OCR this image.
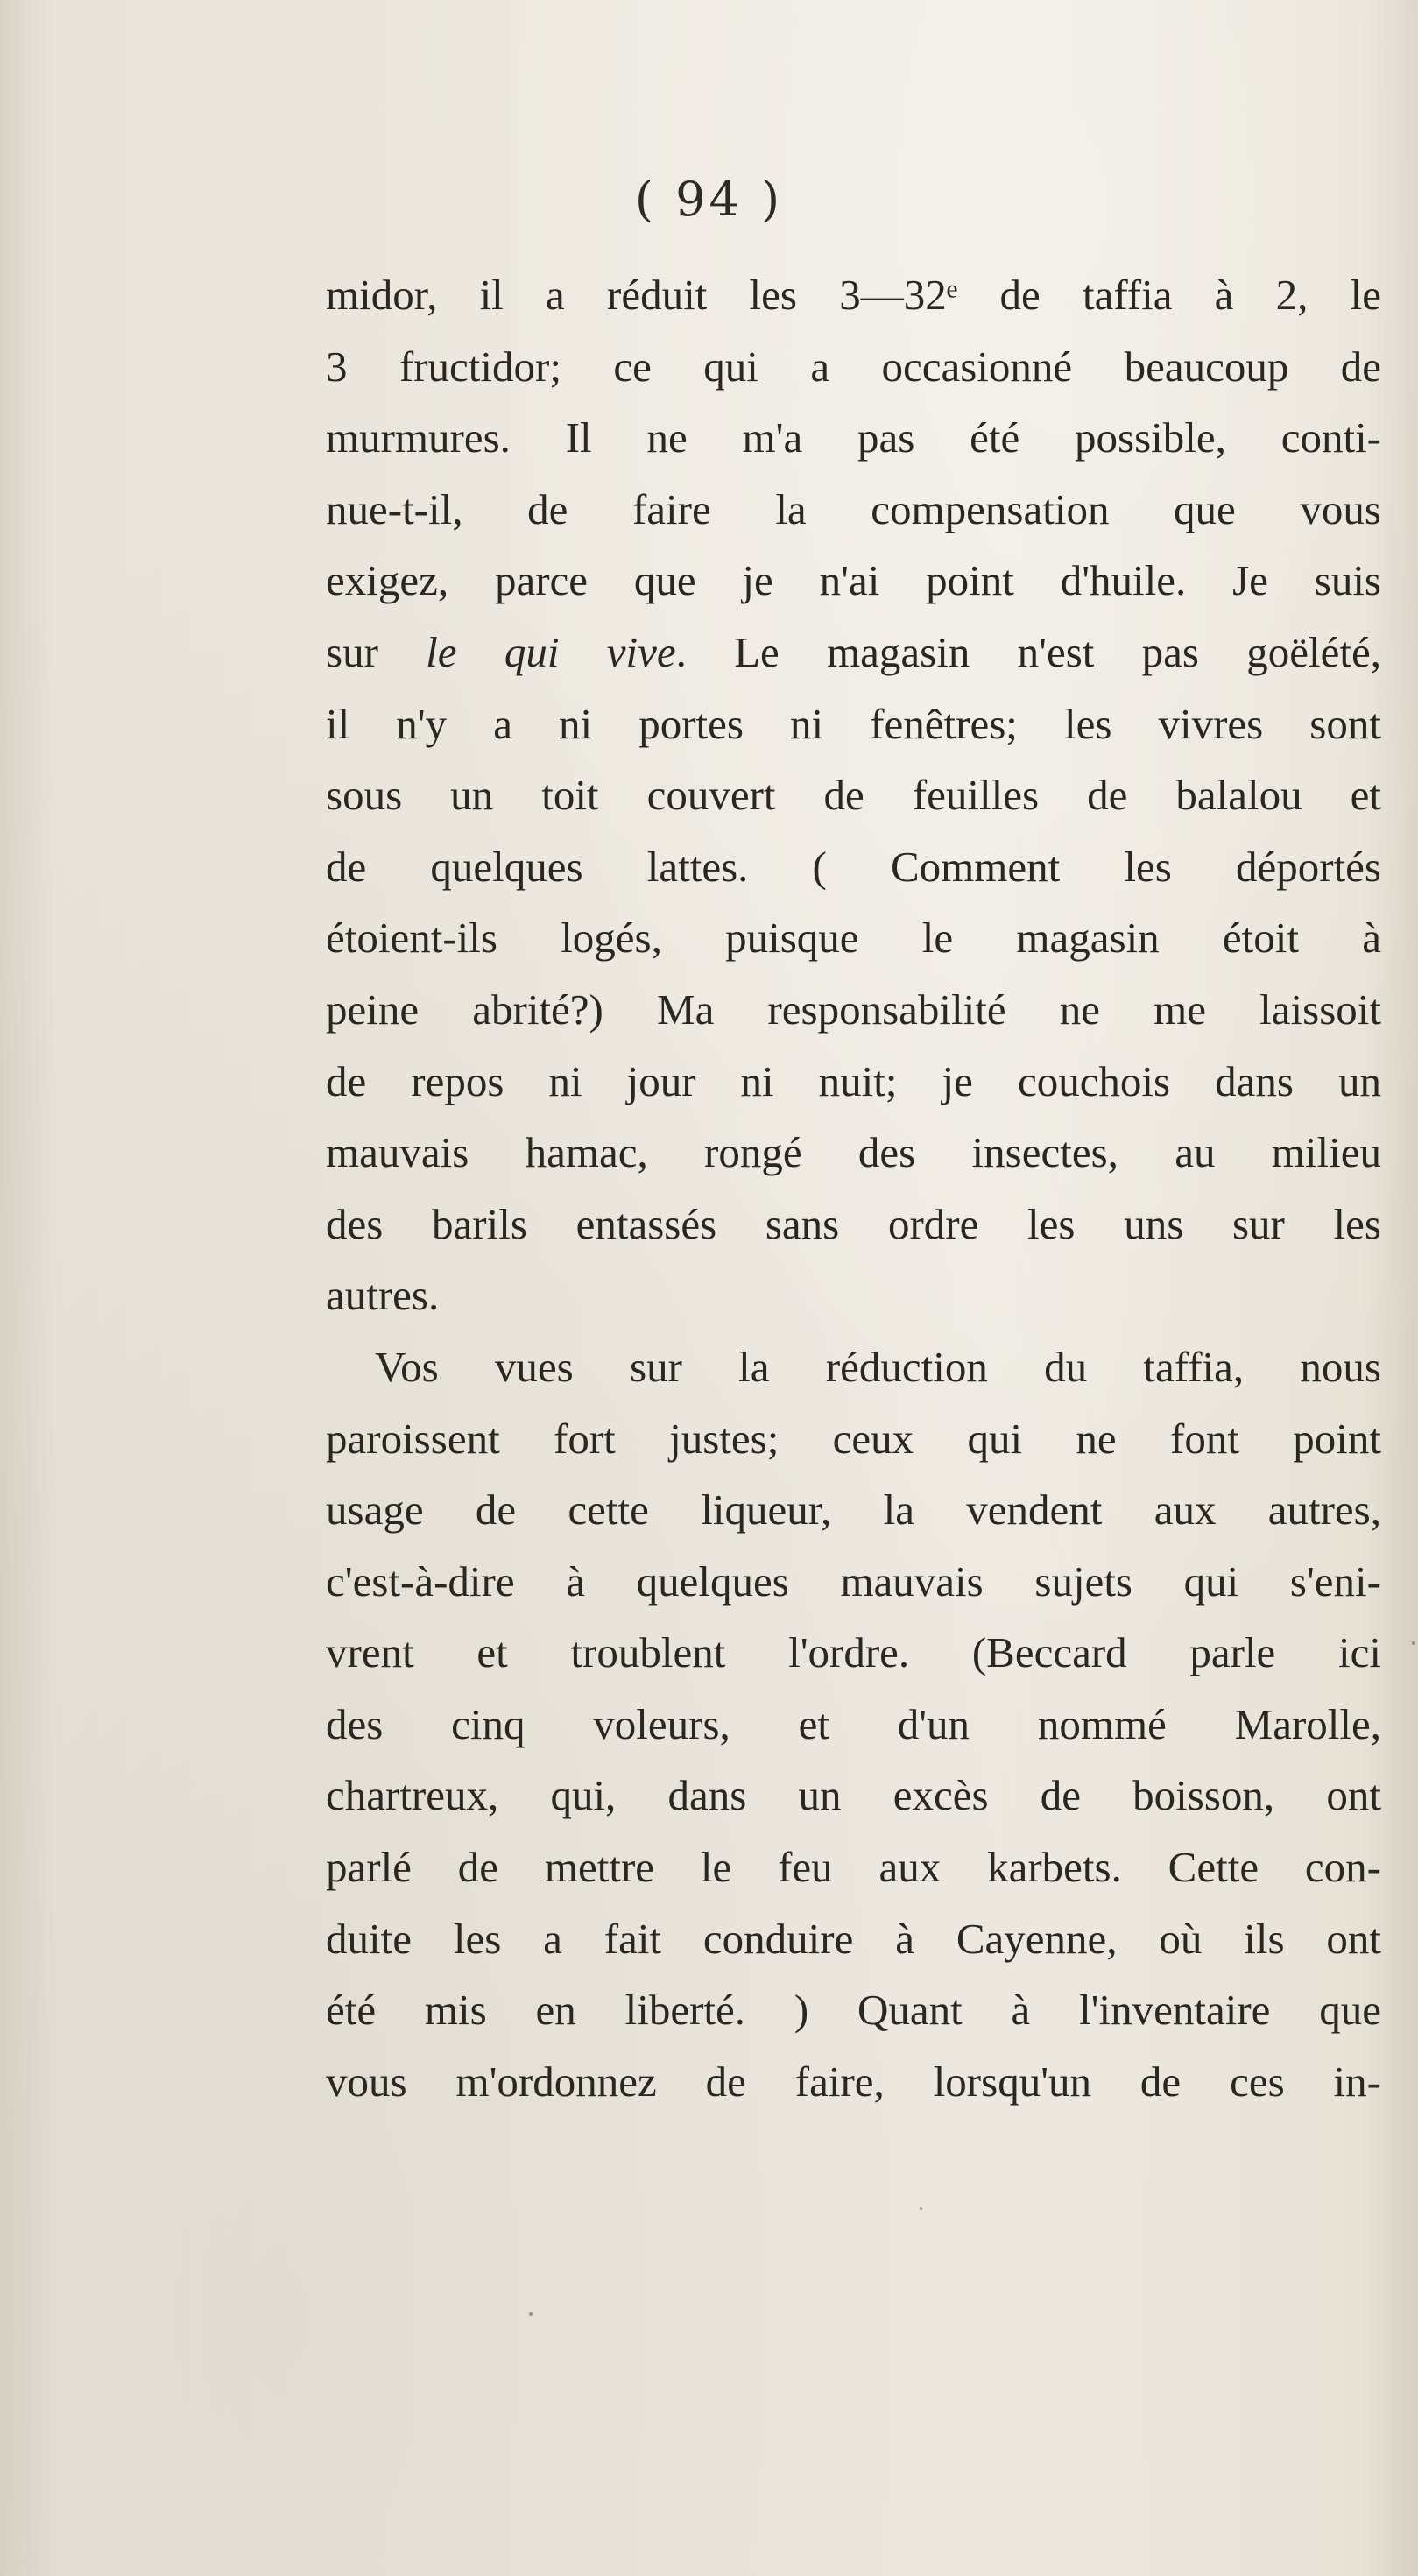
( 94 )
midor, il a réduit les 3—32ᵉ de taffia à 2, le
3 fructidor; ce qui a occasionné beaucoup de
murmures. Il ne m'a pas été possible, conti-
nue-t-il, de faire la compensation que vous
exigez, parce que je n'ai point d'huile. Je suis
sur le qui vive. Le magasin n'est pas goëlété,
il n'y a ni portes ni fenêtres; les vivres sont
sous un toit couvert de feuilles de balalou et
de quelques lattes. ( Comment les déportés
étoient-ils logés, puisque le magasin étoit à
peine abrité?) Ma responsabilité ne me laissoit
de repos ni jour ni nuit; je couchois dans un
mauvais hamac, rongé des insectes, au milieu
des barils entassés sans ordre les uns sur les
autres.
Vos vues sur la réduction du taffia, nous
paroissent fort justes; ceux qui ne font point
usage de cette liqueur, la vendent aux autres,
c'est-à-dire à quelques mauvais sujets qui s'eni-
vrent et troublent l'ordre. (Beccard parle ici
des cinq voleurs, et d'un nommé Marolle,
chartreux, qui, dans un excès de boisson, ont
parlé de mettre le feu aux karbets. Cette con-
duite les a fait conduire à Cayenne, où ils ont
été mis en liberté. ) Quant à l'inventaire que
vous m'ordonnez de faire, lorsqu'un de ces in-
